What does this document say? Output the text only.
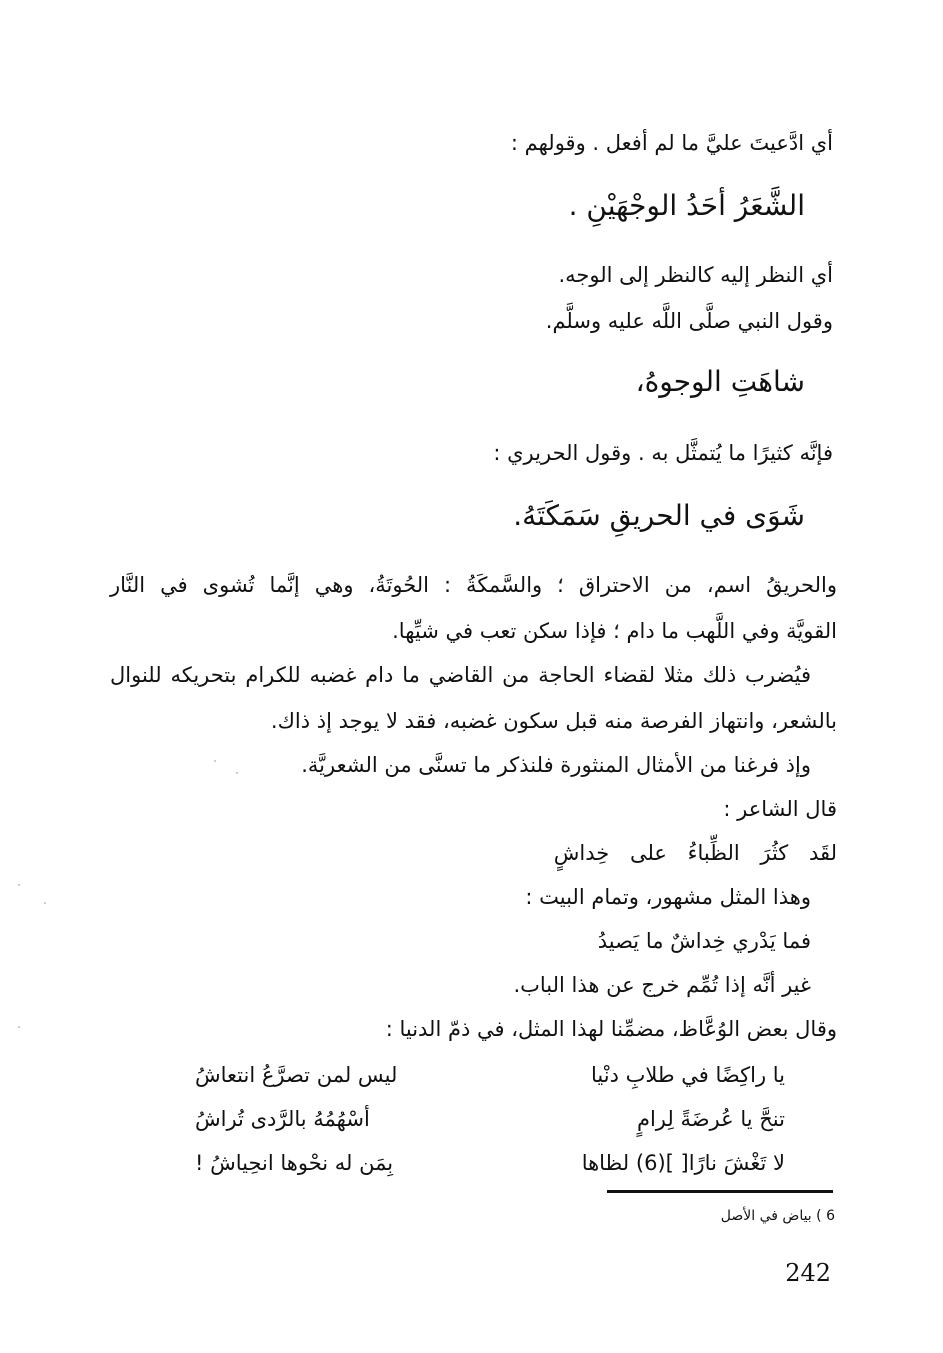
أي ادَّعيتَ عليَّ ما لم أفعل . وقولهم :
الشَّعَرُ أحَدُ الوجْهَيْنِ .
أي النظر إليه كالنظر إلى الوجه.
وقول النبي صلَّى اللَّه عليه وسلَّم.
شاهَتِ الوجوهُ،
فإنَّه كثيرًا ما يُتمثَّل به . وقول الحريري :
شَوَى في الحريقِ سَمَكَتَهُ.
والحريقُ اسم، من الاحتراق ؛ والسَّمكَةُ : الحُوتَةُ، وهي إنَّما تُشوى في النَّار
القويَّة وفي اللَّهب ما دام ؛ فإذا سكن تعب في شيِّها.
فيُضرب ذلك مثلا لقضاء الحاجة من القاضي ما دام غضبه للكرام بتحريكه للنوال
بالشعر، وانتهاز الفرصة منه قبل سكون غضبه، فقد لا يوجد إذ ذاك.
وإذ فرغنا من الأمثال المنثورة فلنذكر ما تسنَّى من الشعريَّة.
قال الشاعر :
لقَد كثُرَ الظِّباءُ على خِداشٍ
وهذا المثل مشهور، وتمام البيت :
فما يَدْري خِداشٌ ما يَصيدُ
غير أنَّه إذا تُمِّم خرج عن هذا الباب.
وقال بعض الوُعَّاظ، مضمِّنا لهذا المثل، في ذمّ الدنيا :
يا راكِضًا في طلابِ دنْيا
ليس لمن تصرَّعُ انتعاشُ
تنحَّ يا عُرضَةً لِرامٍ
أسْهُمُهُ بالرَّدى تُراشُ
لا تَغْشَ نارًا[ ](6) لظاها
بِمَن له نحْوها انحِياشُ !
6 ) بياض في الأصل
242
